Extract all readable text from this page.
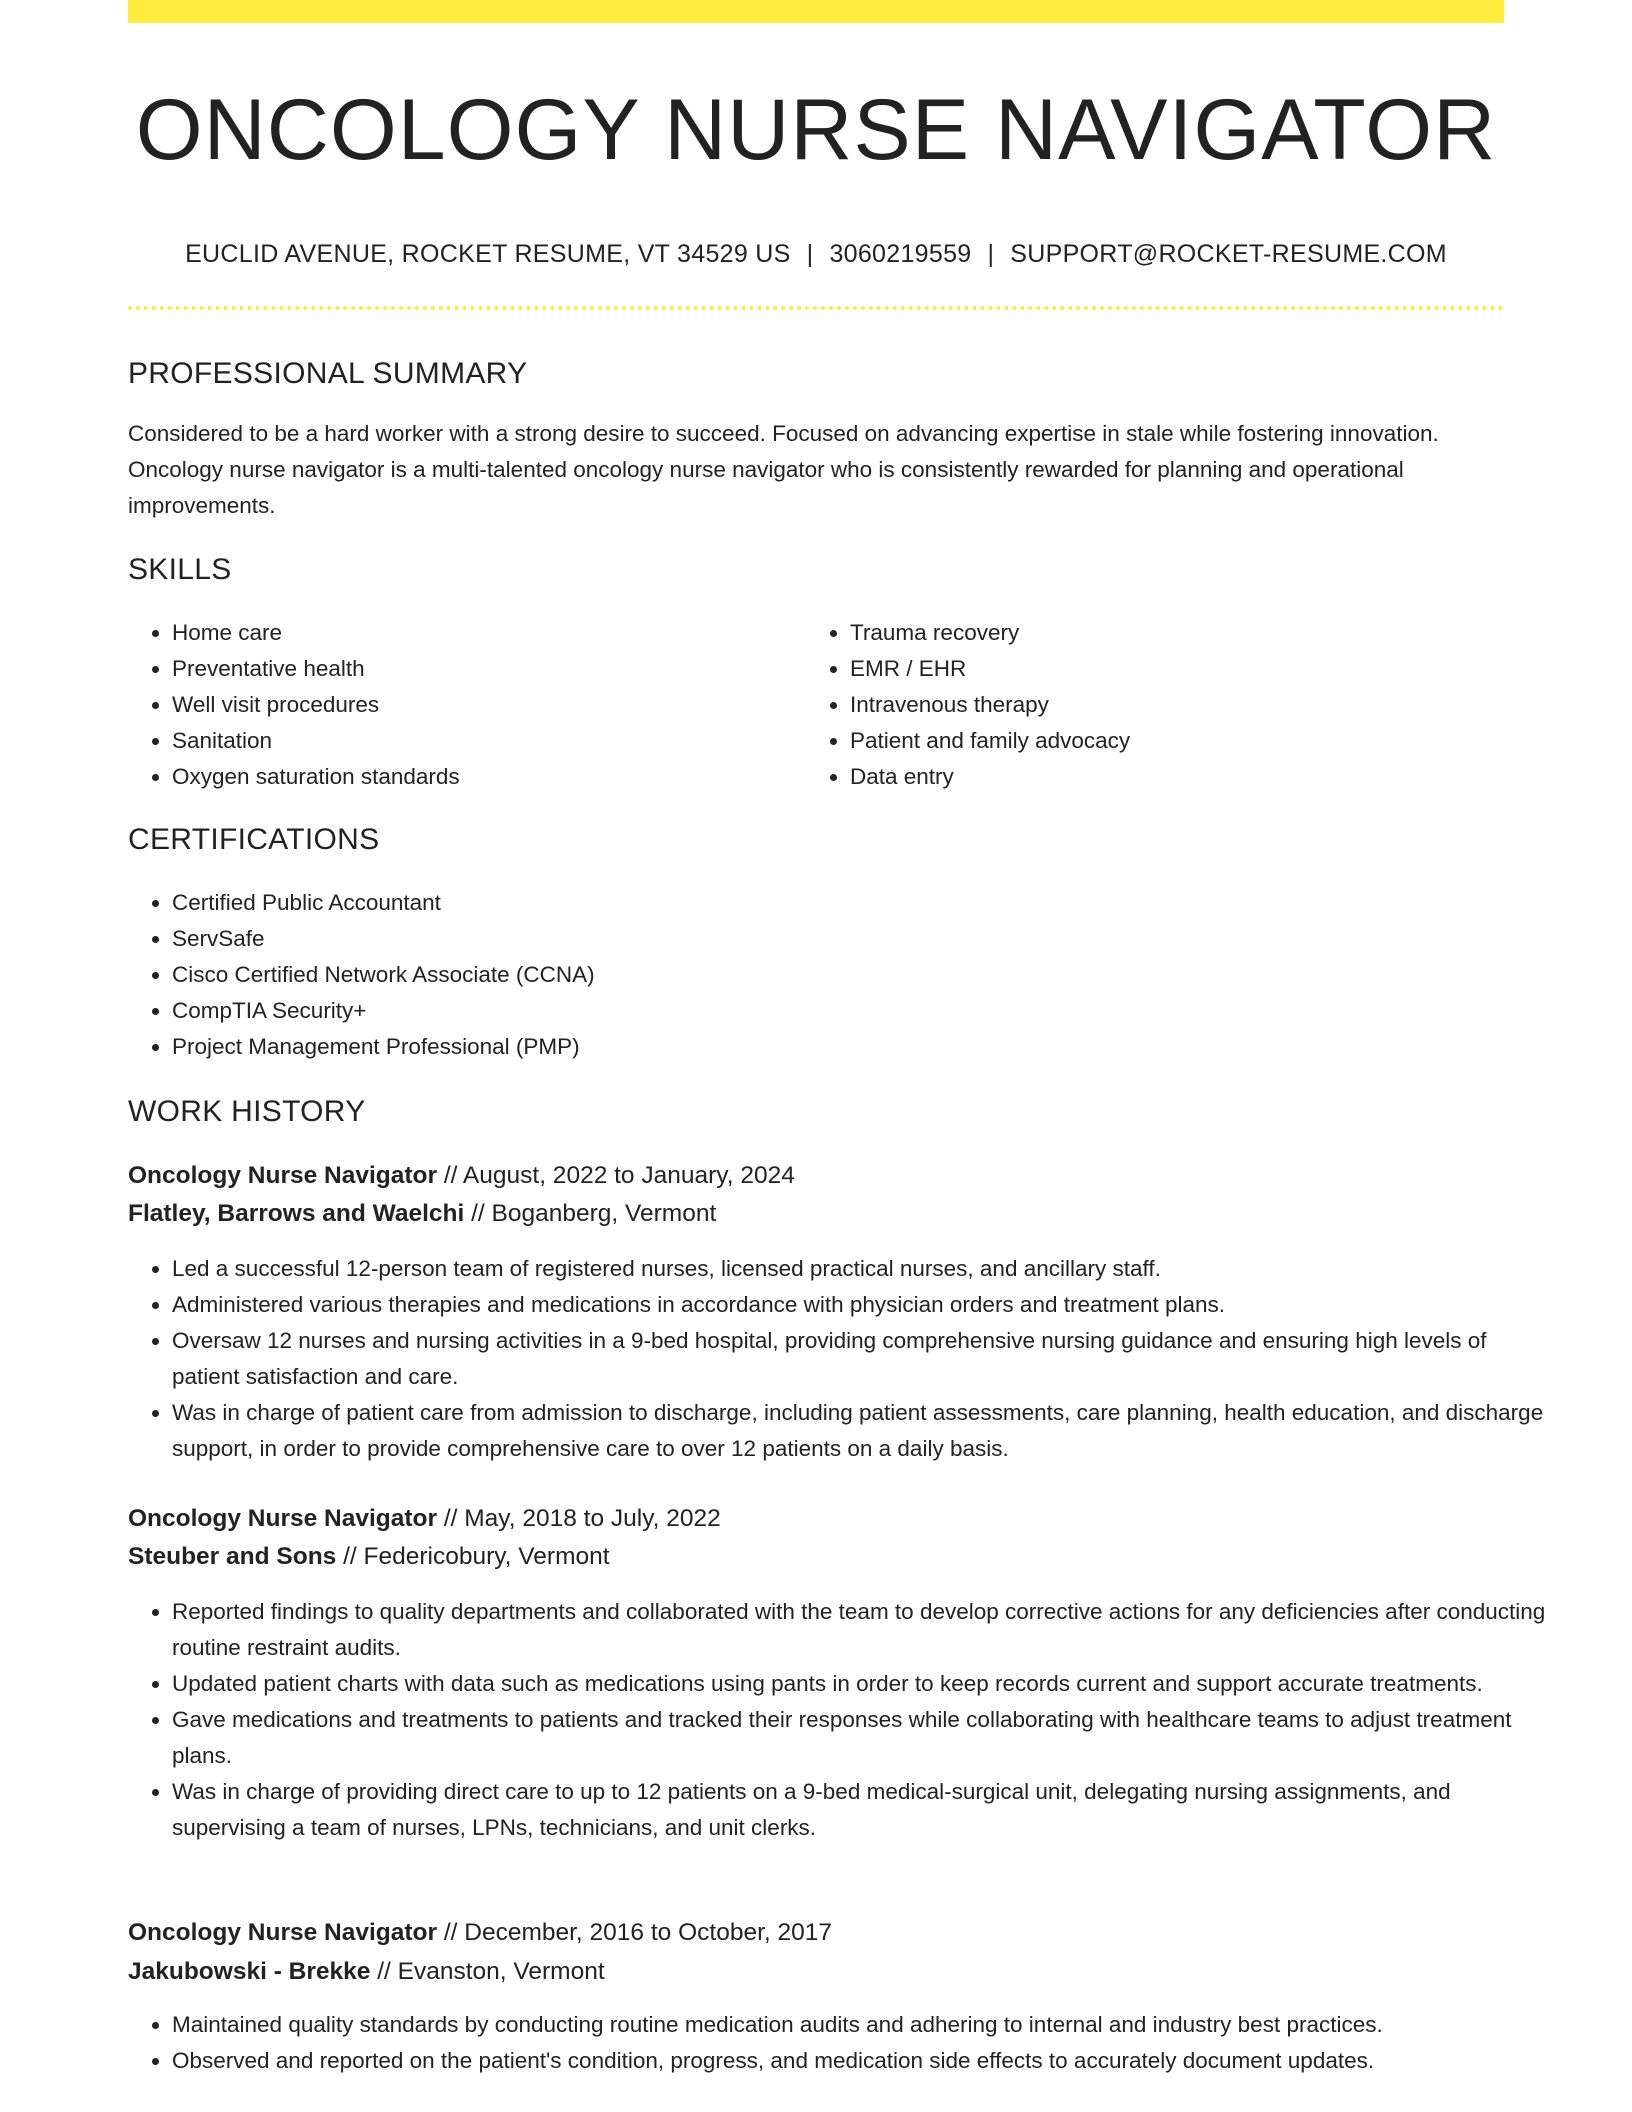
ONCOLOGY NURSE NAVIGATOR
EUCLID AVENUE, ROCKET RESUME, VT 34529 US | 3060219559 | SUPPORT@ROCKET-RESUME.COM
PROFESSIONAL SUMMARY

Considered to be a hard worker with a strong desire to succeed. Focused on advancing expertise in stale while fostering innovation. Oncology nurse navigator is a multi-talented oncology nurse navigator who is consistently rewarded for planning and operational improvements.

SKILLS
• Home care
• Preventative health
• Well visit procedures
• Sanitation
• Oxygen saturation standards
• Trauma recovery
• EMR / EHR
• Intravenous therapy
• Patient and family advocacy
• Data entry
CERTIFICATIONS
• Certified Public Accountant
• ServSafe
• Cisco Certified Network Associate (CCNA)
• CompTIA Security+
• Project Management Professional (PMP)
WORK HISTORY
Oncology Nurse Navigator // August, 2022 to January, 2024
Flatley, Barrows and Waelchi // Boganberg, Vermont
• Led a successful 12-person team of registered nurses, licensed practical nurses, and ancillary staff.
• Administered various therapies and medications in accordance with physician orders and treatment plans.
• Oversaw 12 nurses and nursing activities in a 9-bed hospital, providing comprehensive nursing guidance and ensuring high levels of patient satisfaction and care.
• Was in charge of patient care from admission to discharge, including patient assessments, care planning, health education, and discharge support, in order to provide comprehensive care to over 12 patients on a daily basis.
Oncology Nurse Navigator // May, 2018 to July, 2022
Steuber and Sons // Federicobury, Vermont
• Reported findings to quality departments and collaborated with the team to develop corrective actions for any deficiencies after conducting routine restraint audits.
• Updated patient charts with data such as medications using pants in order to keep records current and support accurate treatments.
• Gave medications and treatments to patients and tracked their responses while collaborating with healthcare teams to adjust treatment plans.
• Was in charge of providing direct care to up to 12 patients on a 9-bed medical-surgical unit, delegating nursing assignments, and supervising a team of nurses, LPNs, technicians, and unit clerks.
Oncology Nurse Navigator // December, 2016 to October, 2017
Jakubowski - Brekke // Evanston, Vermont
• Maintained quality standards by conducting routine medication audits and adhering to internal and industry best practices.
• Observed and reported on the patient's condition, progress, and medication side effects to accurately document updates.
